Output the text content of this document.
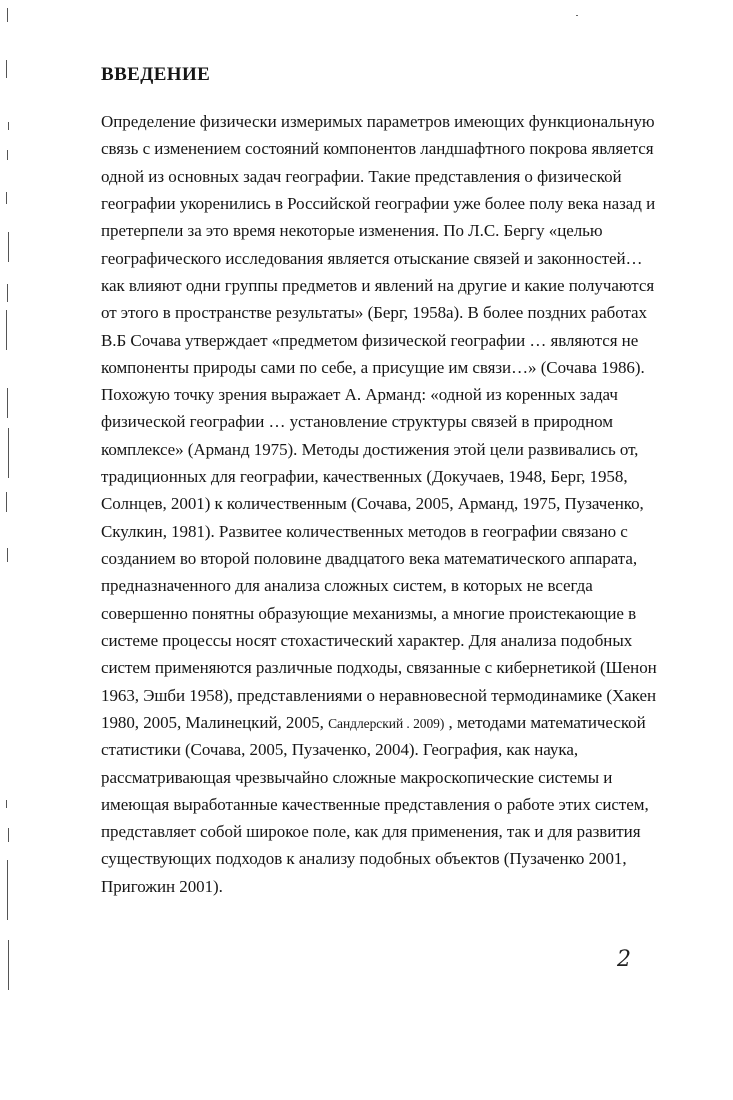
ВВЕДЕНИЕ
Определение физически измеримых параметров имеющих функциональную
связь с изменением состояний компонентов ландшафтного покрова является
одной из основных задач географии. Такие представления о физической
географии укоренились в Российской географии уже более полу века назад и
претерпели за это время некоторые изменения. По Л.С. Бергу «целью
географического исследования является отыскание связей и законностей…
как влияют одни группы предметов и явлений на другие и какие получаются
от этого в пространстве результаты» (Берг, 1958а). В более поздних работах
В.Б Сочава утверждает «предметом физической географии … являются не
компоненты природы сами по себе, а присущие им связи…» (Сочава 1986).
Похожую точку зрения выражает А. Арманд: «одной из коренных задач
физической географии … установление структуры связей в природном
комплексе» (Арманд 1975). Методы достижения этой цели развивались от,
традиционных для географии, качественных (Докучаев, 1948, Берг, 1958,
Солнцев, 2001) к количественным (Сочава, 2005, Арманд, 1975, Пузаченко,
Скулкин, 1981). Развитее количественных методов в географии связано с
созданием во второй половине двадцатого века математического аппарата,
предназначенного для анализа сложных систем, в которых не всегда
совершенно понятны образующие механизмы, а многие проистекающие в
системе процессы носят стохастический характер. Для анализа подобных
систем применяются различные подходы, связанные с кибернетикой (Шенон
1963, Эшби 1958), представлениями о неравновесной термодинамике (Хакен
1980, 2005, Малинецкий, 2005, Сандлерский . 2009) , методами математической
статистики (Сочава, 2005, Пузаченко, 2004). География, как наука,
рассматривающая чрезвычайно сложные макроскопические системы и
имеющая выработанные качественные представления о работе этих систем,
представляет собой широкое поле, как для применения, так и для развития
существующих подходов к анализу подобных объектов (Пузаченко 2001,
Пригожин 2001).
2
